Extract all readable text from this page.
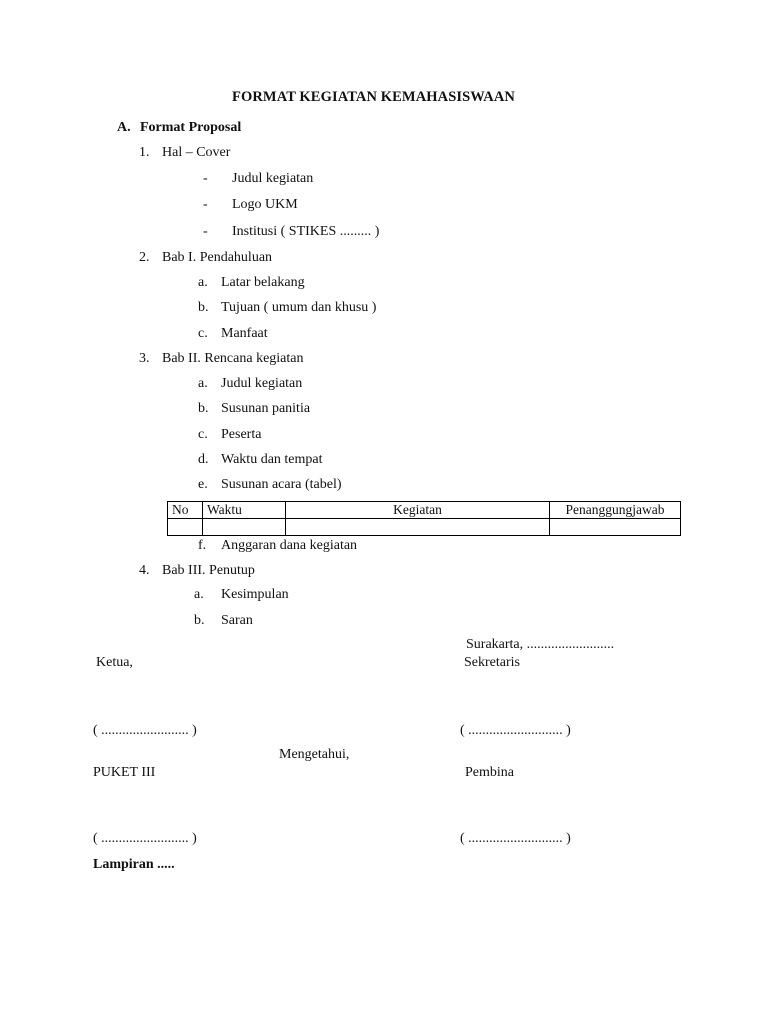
FORMAT KEGIATAN KEMAHASISWAAN
A. Format Proposal
1. Hal – Cover
- Judul kegiatan
- Logo UKM
- Institusi ( STIKES ......... )
2. Bab I. Pendahuluan
a. Latar belakang
b. Tujuan ( umum dan khusu )
c. Manfaat
3. Bab II. Rencana kegiatan
a. Judul kegiatan
b. Susunan panitia
c. Peserta
d. Waktu dan tempat
e. Susunan acara (tabel)
No	Waktu	Kegiatan	Penanggungjawab

f. Anggaran dana kegiatan
4. Bab III. Penutup
a. Kesimpulan
b. Saran
Surakarta, .........................
Ketua,	Sekretaris
( ......................... )	( ........................... )
Mengetahui,
PUKET III	Pembina
( ......................... )	( ........................... )
Lampiran .....
